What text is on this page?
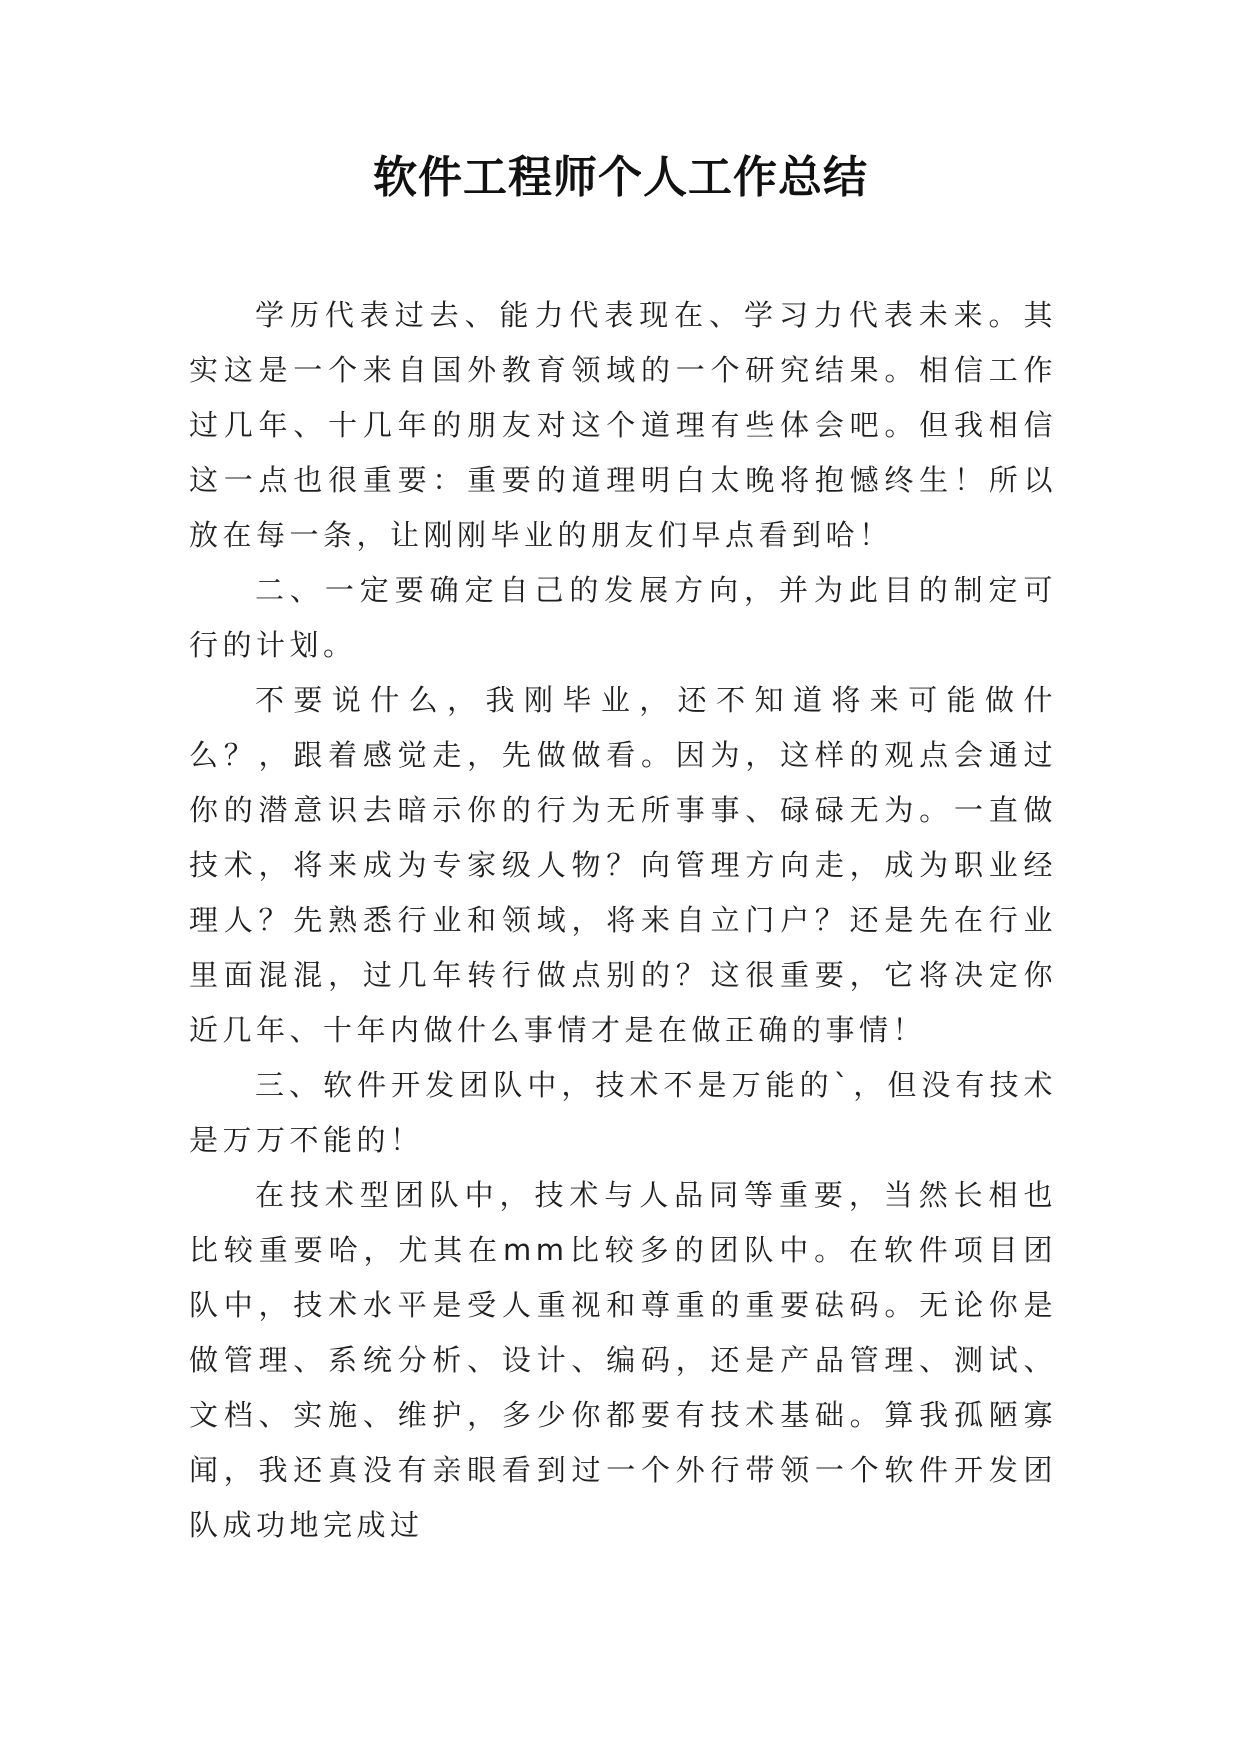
软件工程师个人工作总结

学历代表过去、能力代表现在、学习力代表未来。其实这是一个来自国外教育领域的一个研究结果。相信工作过几年、十几年的朋友对这个道理有些体会吧。但我相信这一点也很重要：重要的道理明白太晚将抱憾终生！所以放在每一条，让刚刚毕业的朋友们早点看到哈！

二、一定要确定自己的发展方向，并为此目的制定可行的计划。

不要说什么，我刚毕业，还不知道将来可能做什么？，跟着感觉走，先做做看。因为，这样的观点会通过你的潜意识去暗示你的行为无所事事、碌碌无为。一直做技术，将来成为专家级人物？向管理方向走，成为职业经理人？先熟悉行业和领域，将来自立门户？还是先在行业里面混混，过几年转行做点别的？这很重要，它将决定你近几年、十年内做什么事情才是在做正确的事情！

三、软件开发团队中，技术不是万能的`，但没有技术是万万不能的！

在技术型团队中，技术与人品同等重要，当然长相也比较重要哈，尤其在mm比较多的团队中。在软件项目团队中，技术水平是受人重视和尊重的重要砝码。无论你是做管理、系统分析、设计、编码，还是产品管理、测试、文档、实施、维护，多少你都要有技术基础。算我孤陋寡闻，我还真没有亲眼看到过一个外行带领一个软件开发团队成功地完成过
